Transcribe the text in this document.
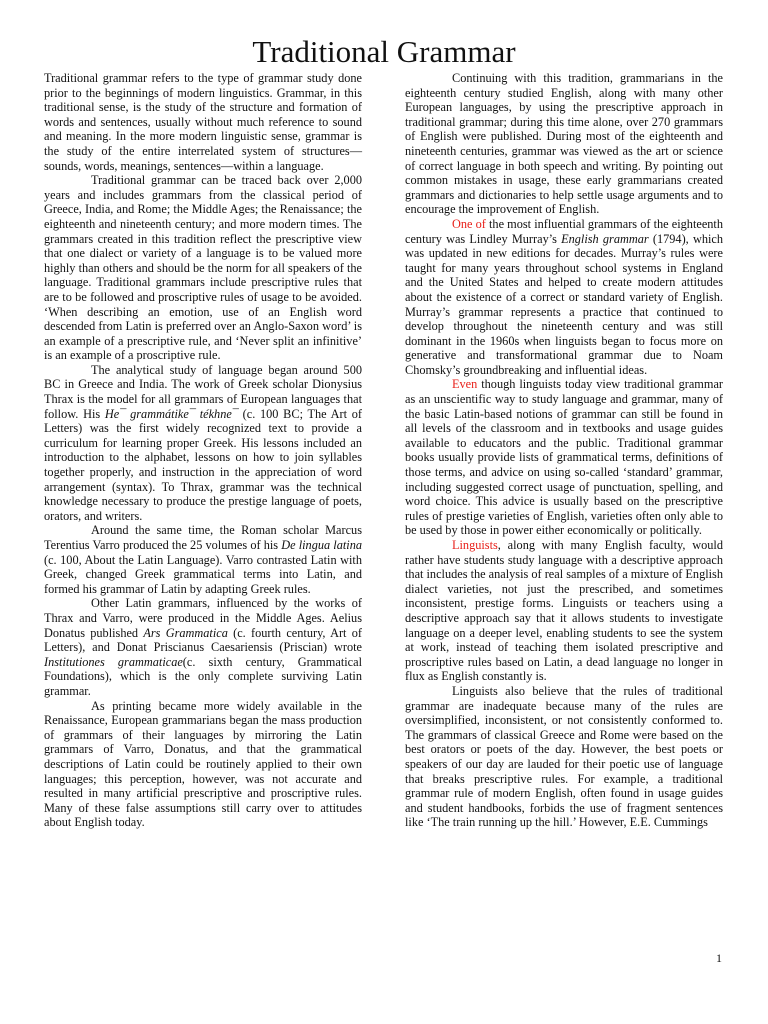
Traditional Grammar

Traditional grammar refers to the type of grammar study done prior to the beginnings of modern linguistics. Grammar, in this traditional sense, is the study of the structure and formation of words and sentences, usually without much reference to sound and meaning. In the more modern linguistic sense, grammar is the study of the entire interrelated system of structures— sounds, words, meanings, sentences—within a language.

Traditional grammar can be traced back over 2,000 years and includes grammars from the classical period of Greece, India, and Rome; the Middle Ages; the Renaissance; the eighteenth and nineteenth century; and more modern times. The grammars created in this tradition reflect the prescriptive view that one dialect or variety of a language is to be valued more highly than others and should be the norm for all speakers of the language. Traditional grammars include prescriptive rules that are to be followed and proscriptive rules of usage to be avoided. ‘When describing an emotion, use of an English word descended from Latin is preferred over an Anglo-Saxon word’ is an example of a prescriptive rule, and ‘Never split an infinitive’ is an example of a proscriptive rule.

The analytical study of language began around 500 BC in Greece and India. The work of Greek scholar Dionysius Thrax is the model for all grammars of European languages that follow. His He¯ grammátike¯ tékhne¯ (c. 100 BC; The Art of Letters) was the first widely recognized text to provide a curriculum for learning proper Greek. His lessons included an introduction to the alphabet, lessons on how to join syllables together properly, and instruction in the appreciation of word arrangement (syntax). To Thrax, grammar was the technical knowledge necessary to produce the prestige language of poets, orators, and writers.

Around the same time, the Roman scholar Marcus Terentius Varro produced the 25 volumes of his De lingua latina (c. 100, About the Latin Language). Varro contrasted Latin with Greek, changed Greek grammatical terms into Latin, and formed his grammar of Latin by adapting Greek rules.

Other Latin grammars, influenced by the works of Thrax and Varro, were produced in the Middle Ages. Aelius Donatus published Ars Grammatica (c. fourth century, Art of Letters), and Donat Priscianus Caesariensis (Priscian) wrote Institutiones grammaticae(c. sixth century, Grammatical Foundations), which is the only complete surviving Latin grammar.

As printing became more widely available in the Renaissance, European grammarians began the mass production of grammars of their languages by mirroring the Latin grammars of Varro, Donatus, and that the grammatical descriptions of Latin could be routinely applied to their own languages; this perception, however, was not accurate and resulted in many artificial prescriptive and proscriptive rules. Many of these false assumptions still carry over to attitudes about English today.

Continuing with this tradition, grammarians in the eighteenth century studied English, along with many other European languages, by using the prescriptive approach in traditional grammar; during this time alone, over 270 grammars of English were published. During most of the eighteenth and nineteenth centuries, grammar was viewed as the art or science of correct language in both speech and writing. By pointing out common mistakes in usage, these early grammarians created grammars and dictionaries to help settle usage arguments and to encourage the improvement of English.

One of the most influential grammars of the eighteenth century was Lindley Murray’s English grammar (1794), which was updated in new editions for decades. Murray’s rules were taught for many years throughout school systems in England and the United States and helped to create modern attitudes about the existence of a correct or standard variety of English. Murray’s grammar represents a practice that continued to develop throughout the nineteenth century and was still dominant in the 1960s when linguists began to focus more on generative and transformational grammar due to Noam Chomsky’s groundbreaking and influential ideas.

Even though linguists today view traditional grammar as an unscientific way to study language and grammar, many of the basic Latin-based notions of grammar can still be found in all levels of the classroom and in textbooks and usage guides available to educators and the public. Traditional grammar books usually provide lists of grammatical terms, definitions of those terms, and advice on using so-called ‘standard’ grammar, including suggested correct usage of punctuation, spelling, and word choice. This advice is usually based on the prescriptive rules of prestige varieties of English, varieties often only able to be used by those in power either economically or politically.

Linguists, along with many English faculty, would rather have students study language with a descriptive approach that includes the analysis of real samples of a mixture of English dialect varieties, not just the prescribed, and sometimes inconsistent, prestige forms. Linguists or teachers using a descriptive approach say that it allows students to investigate language on a deeper level, enabling students to see the system at work, instead of teaching them isolated prescriptive and proscriptive rules based on Latin, a dead language no longer in flux as English constantly is.

Linguists also believe that the rules of traditional grammar are inadequate because many of the rules are oversimplified, inconsistent, or not consistently conformed to. The grammars of classical Greece and Rome were based on the best orators or poets of the day. However, the best poets or speakers of our day are lauded for their poetic use of language that breaks prescriptive rules. For example, a traditional grammar rule of modern English, often found in usage guides and student handbooks, forbids the use of fragment sentences like ‘The train running up the hill.’ However, E.E. Cummings

1
